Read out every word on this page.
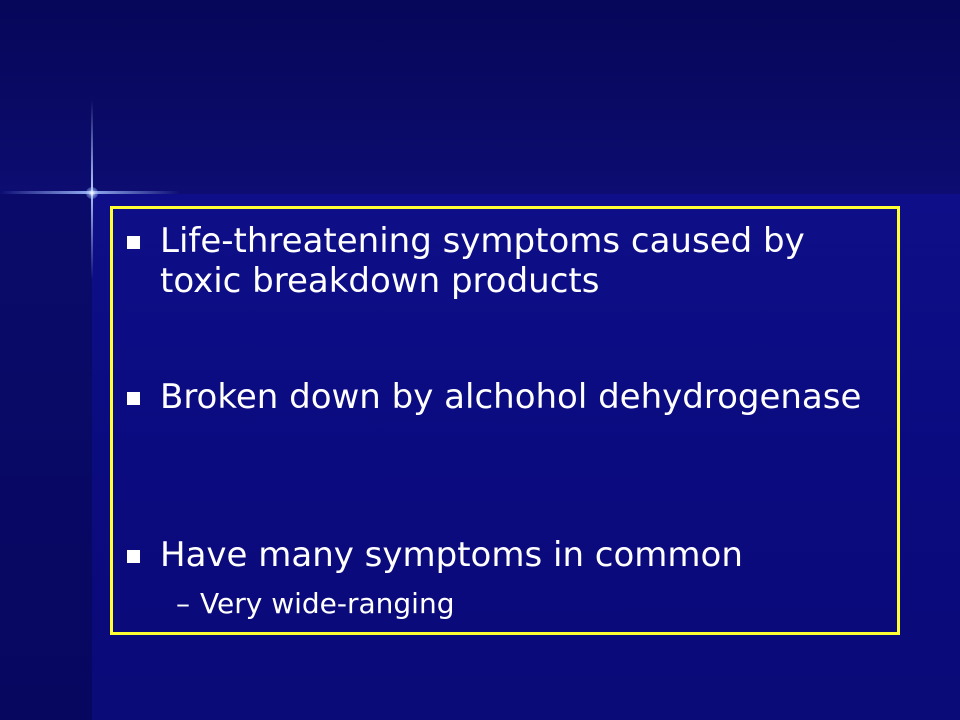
Life-threatening symptoms caused by toxic breakdown products
Broken down by alchohol dehydrogenase
Have many symptoms in common
– Very wide-ranging
